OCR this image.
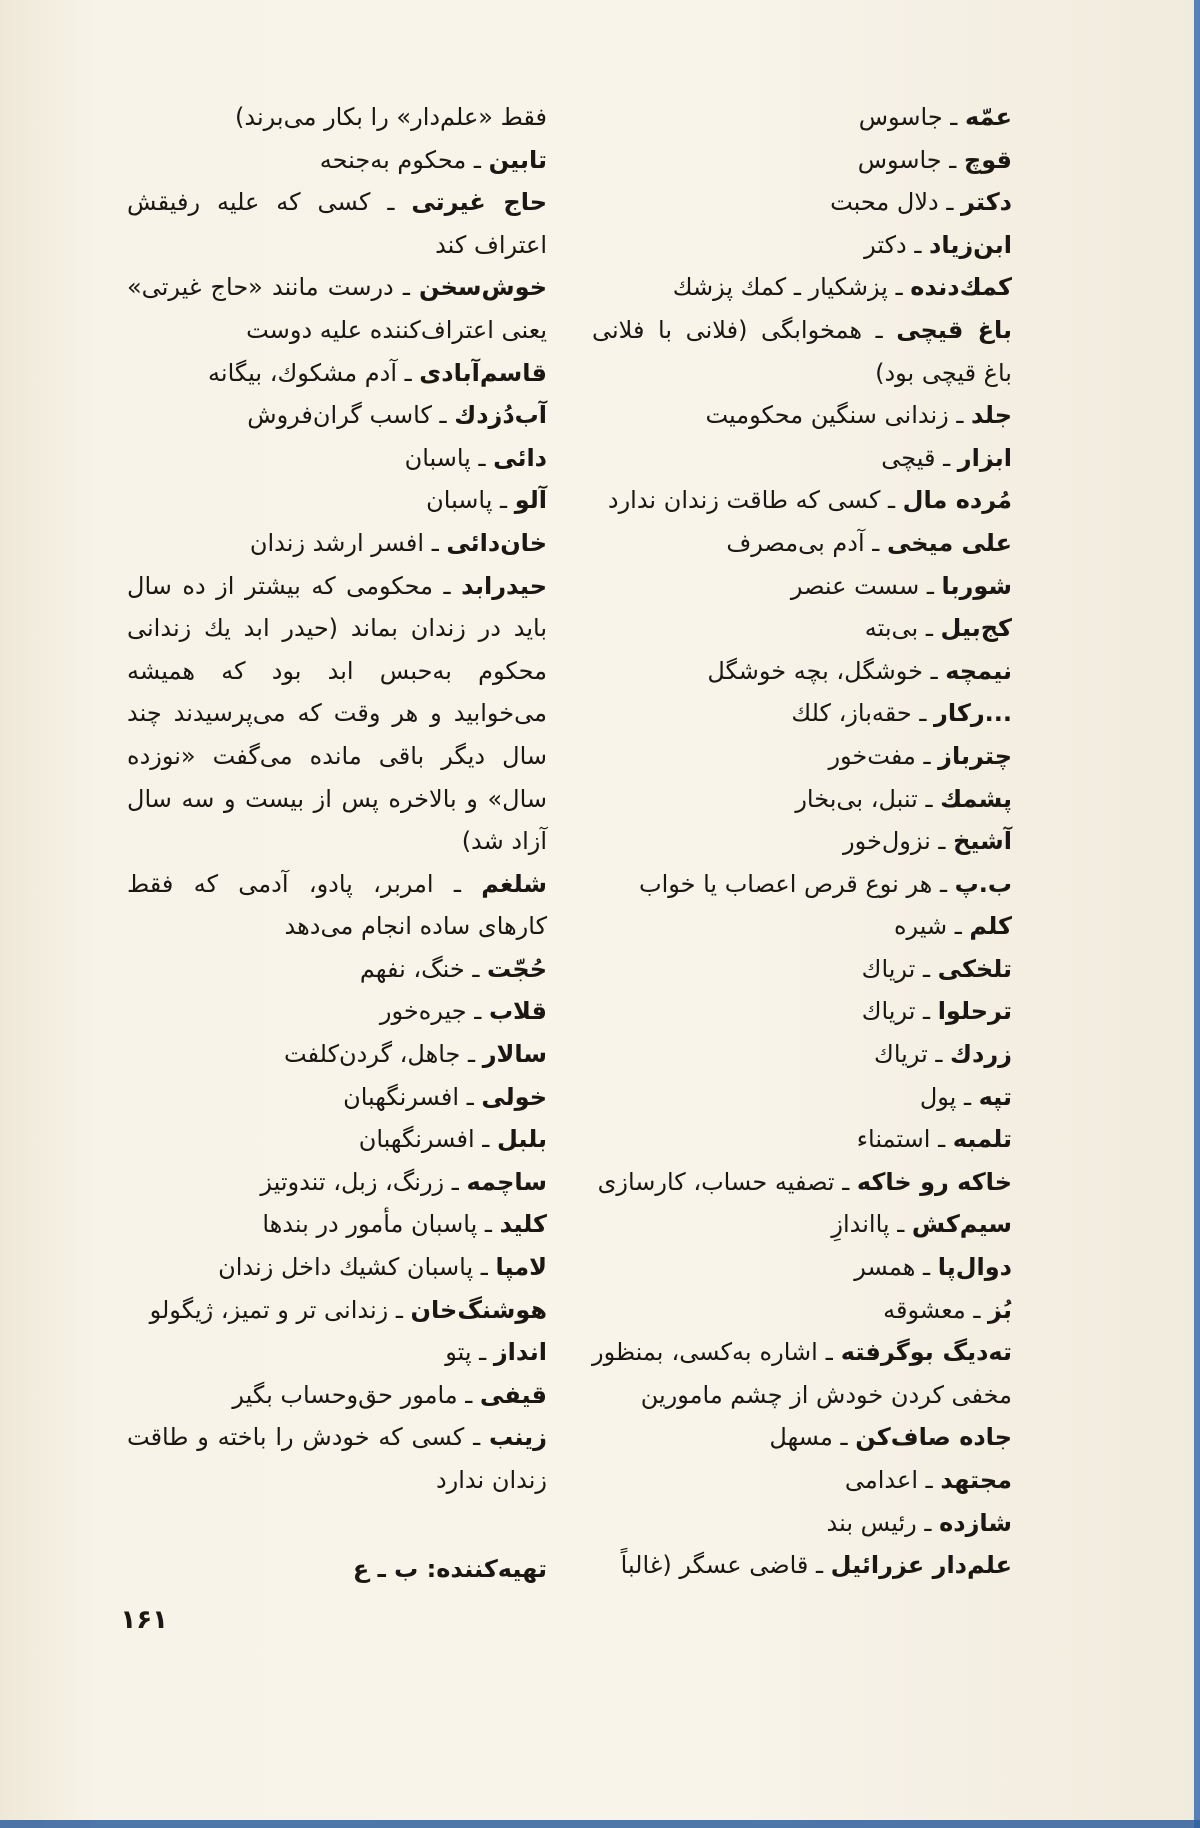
عمّه ـ جاسوس

قوچ ـ جاسوس

دکتر ـ دلال محبت

ابن‌زیاد ـ دکتر

کمك‌دنده ـ پزشکیار ـ کمك پزشك

باغ قیچی ـ همخوابگی (فلانی با فلانی باغ قیچی بود)

جلد ـ زندانی سنگین محکومیت

ابزار ـ قیچی

مُرده مال ـ کسی که طاقت زندان ندارد

علی میخی ـ آدم بی‌مصرف

شوربا ـ سست عنصر

کج‌بیل ـ بی‌بته

نیمچه ـ خوشگل، بچه خوشگل

...رکار ـ حقه‌باز، کلك

چترباز ـ مفت‌خور

پشمك ـ تنبل، بی‌بخار

آشیخ ـ نزول‌خور

ب.پ ـ هر نوع قرص اعصاب یا خواب

کلم ـ شیره

تلخکی ـ تریاك

ترحلوا ـ تریاك

زردك ـ تریاك

تپه ـ پول

تلمبه ـ استمناء

خاکه رو خاکه ـ تصفیه حساب، کارسازی

سیم‌کش ـ پااندازِ

دوال‌پا ـ همسر

بُز ـ معشوقه

ته‌دیگ بوگرفته ـ اشاره به‌کسی، بمنظور مخفی کردن خودش از چشم مامورین

جاده صاف‌کن ـ مسهل

مجتهد ـ اعدامی

شازده ـ رئیس بند

علم‌دار عزرائیل ـ قاضی عسگر (غالباً

فقط «علم‌دار» را بکار می‌برند)

تابین ـ محکوم به‌جنحه

حاج غیرتی ـ کسی که علیه رفیقش اعتراف کند

خوش‌سخن ـ درست مانند «حاج غیرتی» یعنی اعتراف‌کننده علیه دوست

قاسم‌آبادی ـ آدم مشکوك، بیگانه

آب‌دُزدك ـ کاسب گران‌فروش

دائی ـ پاسبان

آلو ـ پاسبان

خان‌دائی ـ افسر ارشد زندان

حیدرابد ـ محکومی که بیشتر از ده سال باید در زندان بماند (حیدر ابد یك زندانی محکوم به‌حبس ابد بود که همیشه می‌خوابید و هر وقت که می‌پرسیدند چند سال دیگر باقی مانده می‌گفت «نوزده سال» و بالاخره پس از بیست و سه سال آزاد شد)

شلغم ـ امربر، پادو، آدمی که فقط کارهای ساده انجام می‌دهد

حُجّت ـ خنگ، نفهم

قلاب ـ جیره‌خور

سالار ـ جاهل، گردن‌کلفت

خولی ـ افسرنگهبان

بلبل ـ افسرنگهبان

ساچمه ـ زرنگ، زبل، تندوتیز

کلید ـ پاسبان مأمور در بندها

لامپا ـ پاسبان کشیك داخل زندان

هوشنگ‌خان ـ زندانی تر و تمیز، ژیگولو

انداز ـ پتو

قیفی ـ مامور حق‌وحساب بگیر

زینب ـ کسی که خودش را باخته و طاقت زندان ندارد

تهیه‌کننده: ب ـ ع
۱۶۱
